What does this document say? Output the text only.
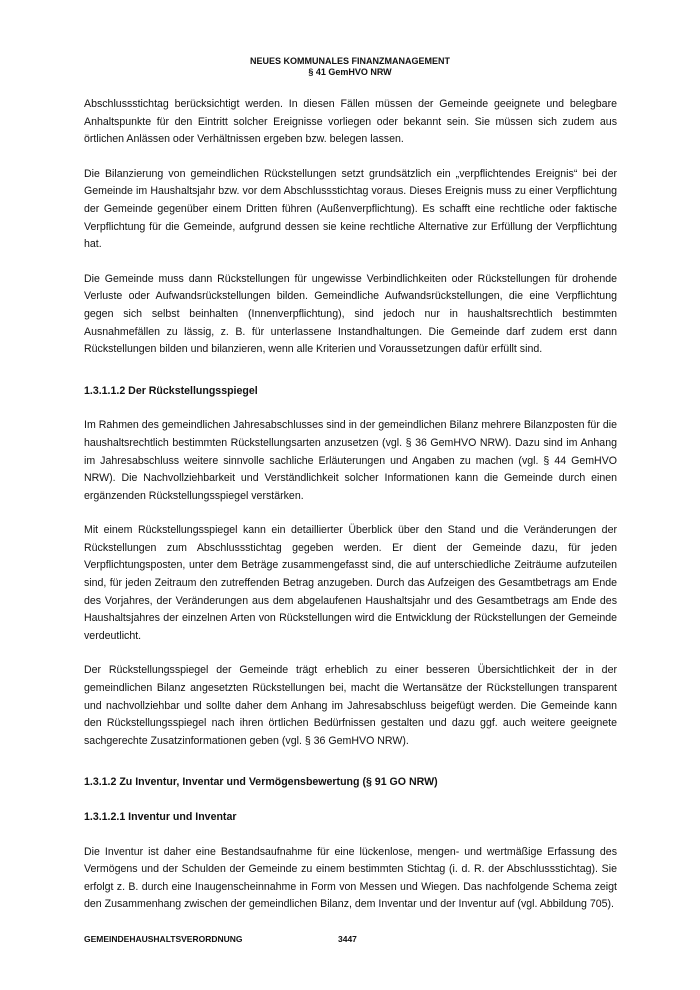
NEUES KOMMUNALES FINANZMANAGEMENT
§ 41 GemHVO NRW

Abschlussstichtag berücksichtigt werden. In diesen Fällen müssen der Gemeinde geeignete und belegbare Anhaltspunkte für den Eintritt solcher Ereignisse vorliegen oder bekannt sein. Sie müssen sich zudem aus örtlichen Anlässen oder Verhältnissen ergeben bzw. belegen lassen.

Die Bilanzierung von gemeindlichen Rückstellungen setzt grundsätzlich ein „verpflichtendes Ereignis“ bei der Gemeinde im Haushaltsjahr bzw. vor dem Abschlussstichtag voraus. Dieses Ereignis muss zu einer Verpflichtung der Gemeinde gegenüber einem Dritten führen (Außenverpflichtung). Es schafft eine rechtliche oder faktische Verpflichtung für die Gemeinde, aufgrund dessen sie keine rechtliche Alternative zur Erfüllung der Verpflichtung hat.

Die Gemeinde muss dann Rückstellungen für ungewisse Verbindlichkeiten oder Rückstellungen für drohende Verluste oder Aufwandsrückstellungen bilden. Gemeindliche Aufwandsrückstellungen, die eine Verpflichtung gegen sich selbst beinhalten (Innenverpflichtung), sind jedoch nur in haushaltsrechtlich bestimmten Ausnahmefällen zu lässig, z. B. für unterlassene Instandhaltungen. Die Gemeinde darf zudem erst dann Rückstellungen bilden und bilanzieren, wenn alle Kriterien und Voraussetzungen dafür erfüllt sind.

1.3.1.1.2 Der Rückstellungsspiegel

Im Rahmen des gemeindlichen Jahresabschlusses sind in der gemeindlichen Bilanz mehrere Bilanzposten für die haushaltsrechtlich bestimmten Rückstellungsarten anzusetzen (vgl. § 36 GemHVO NRW). Dazu sind im Anhang im Jahresabschluss weitere sinnvolle sachliche Erläuterungen und Angaben zu machen (vgl. § 44 GemHVO NRW). Die Nachvollziehbarkeit und Verständlichkeit solcher Informationen kann die Gemeinde durch einen ergänzenden Rückstellungsspiegel verstärken.

Mit einem Rückstellungsspiegel kann ein detaillierter Überblick über den Stand und die Veränderungen der Rückstellungen zum Abschlussstichtag gegeben werden. Er dient der Gemeinde dazu, für jeden Verpflichtungsposten, unter dem Beträge zusammengefasst sind, die auf unterschiedliche Zeiträume aufzuteilen sind, für jeden Zeitraum den zutreffenden Betrag anzugeben. Durch das Aufzeigen des Gesamtbetrags am Ende des Vorjahres, der Veränderungen aus dem abgelaufenen Haushaltsjahr und des Gesamtbetrags am Ende des Haushaltsjahres der einzelnen Arten von Rückstellungen wird die Entwicklung der Rückstellungen der Gemeinde verdeutlicht.

Der Rückstellungsspiegel der Gemeinde trägt erheblich zu einer besseren Übersichtlichkeit der in der gemeindlichen Bilanz angesetzten Rückstellungen bei, macht die Wertansätze der Rückstellungen transparent und nachvollziehbar und sollte daher dem Anhang im Jahresabschluss beigefügt werden. Die Gemeinde kann den Rückstellungsspiegel nach ihren örtlichen Bedürfnissen gestalten und dazu ggf. auch weitere geeignete sachgerechte Zusatzinformationen geben (vgl. § 36 GemHVO NRW).

1.3.1.2 Zu Inventur, Inventar und Vermögensbewertung (§ 91 GO NRW)
1.3.1.2.1 Inventur und Inventar

Die Inventur ist daher eine Bestandsaufnahme für eine lückenlose, mengen- und wertmäßige Erfassung des Vermögens und der Schulden der Gemeinde zu einem bestimmten Stichtag (i. d. R. der Abschlussstichtag). Sie erfolgt z. B. durch eine Inaugenscheinnahme in Form von Messen und Wiegen. Das nachfolgende Schema zeigt den Zusammenhang zwischen der gemeindlichen Bilanz, dem Inventar und der Inventur auf (vgl. Abbildung 705).

GEMEINDEHAUSHALTSVERORDNUNG	3447
